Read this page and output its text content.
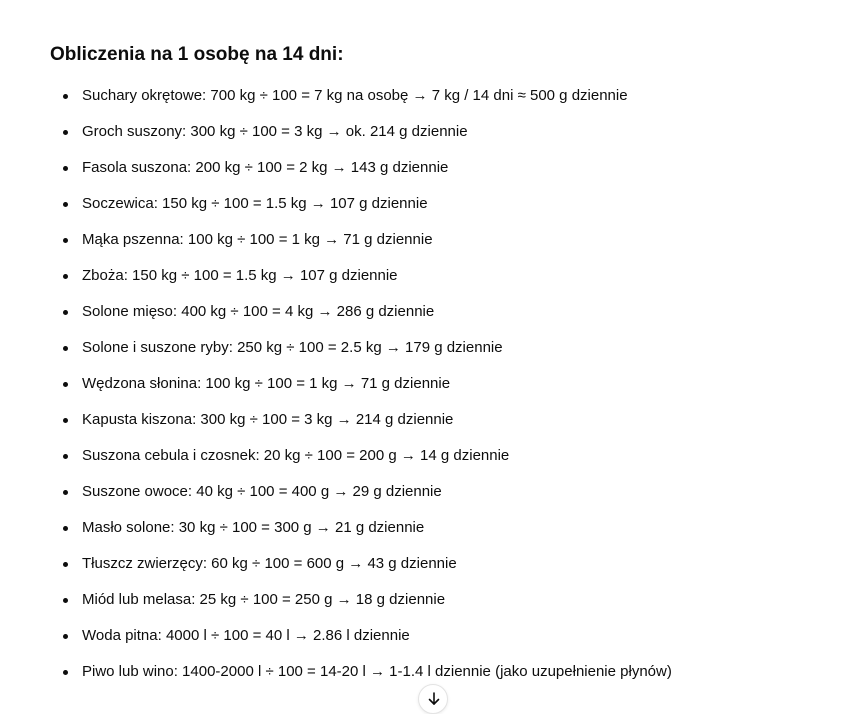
Obliczenia na 1 osobę na 14 dni:
Suchary okrętowe: 700 kg ÷ 100 = 7 kg na osobę → 7 kg / 14 dni ≈ 500 g dziennie
Groch suszony: 300 kg ÷ 100 = 3 kg → ok. 214 g dziennie
Fasola suszona: 200 kg ÷ 100 = 2 kg → 143 g dziennie
Soczewica: 150 kg ÷ 100 = 1.5 kg → 107 g dziennie
Mąka pszenna: 100 kg ÷ 100 = 1 kg → 71 g dziennie
Zboża: 150 kg ÷ 100 = 1.5 kg → 107 g dziennie
Solone mięso: 400 kg ÷ 100 = 4 kg → 286 g dziennie
Solone i suszone ryby: 250 kg ÷ 100 = 2.5 kg → 179 g dziennie
Wędzona słonina: 100 kg ÷ 100 = 1 kg → 71 g dziennie
Kapusta kiszona: 300 kg ÷ 100 = 3 kg → 214 g dziennie
Suszona cebula i czosnek: 20 kg ÷ 100 = 200 g → 14 g dziennie
Suszone owoce: 40 kg ÷ 100 = 400 g → 29 g dziennie
Masło solone: 30 kg ÷ 100 = 300 g → 21 g dziennie
Tłuszcz zwierzęcy: 60 kg ÷ 100 = 600 g → 43 g dziennie
Miód lub melasa: 25 kg ÷ 100 = 250 g → 18 g dziennie
Woda pitna: 4000 l ÷ 100 = 40 l → 2.86 l dziennie
Piwo lub wino: 1400-2000 l ÷ 100 = 14-20 l → 1-1.4 l dziennie (jako uzupełnienie płynów)
